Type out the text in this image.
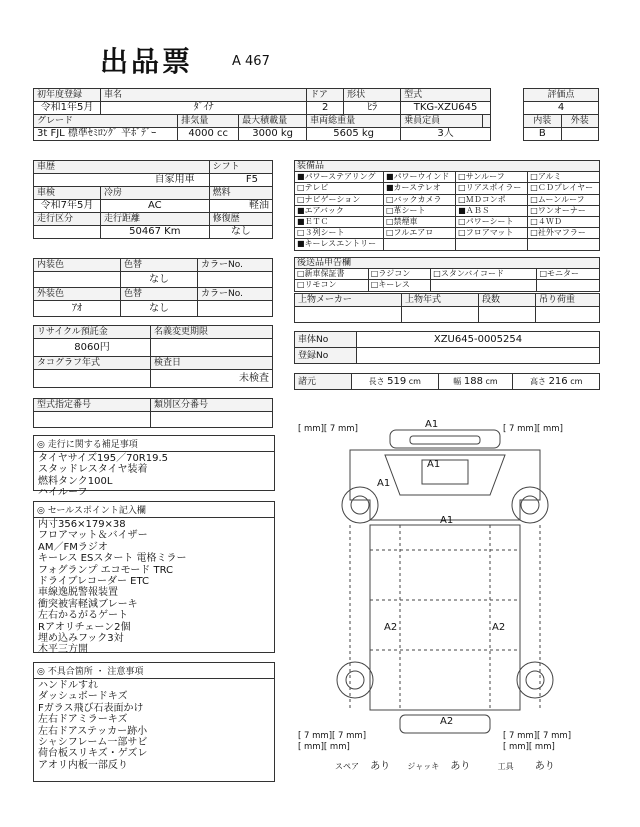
出品票	A 467
初年度登録	車名			ドア	形状	型式	
令和1年5月	ﾀﾞｲﾅ			2	ﾋﾗ	TKG-XZU645	
グレード		排気量	最大積載量	車両総重量		乗員定員	
3t FJL 標準ｾﾐﾛﾝｸﾞ 平ﾎﾞﾃﾞｰ		4000 cc	3000 kg	5605 kg		3人	
評価点	
4	
内装	外装
B	
車歴		シフト
自家用車		F5
車検	冷房	燃料
令和7年5月	AC	軽油
走行区分	走行距離	修復歴
	50467 Km	なし
内装色	色替	カラーNo.
	なし	
外装色	色替	カラーNo.
ｱｵ	なし	
リサイクル預託金	名義変更期限
8060円	
タコグラフ年式	検査日
	未検査
型式指定番号	類別区分番号

装備品			
■パワーステアリング	■パワーウインド	□サンルーフ	□アルミ
□テレビ	■カーステレオ	□リアスポイラー	□ＣＤプレイヤー
□ナビゲーション	□バックカメラ	□ＭＤコンポ	□ムーンルーフ
■エアバック	□革シート	■ＡＢＳ	□ワンオーナー
■ＥＴＣ	□禁煙車	□パワーシート	□４ＷＤ
□３列シート	□フルエアロ	□フロアマット	□社外マフラー
■キーレスエントリー			
後送品申告欄			
□新車保証書	□ラジコン	□スタンバイコード	□モニター
□リモコン	□キーレス		
上物メーカー	上物年式	段数	吊り荷重

車体No	XZU645-0005254
登録No	
諸元	長さ 519 cm	幅 188 cm	高さ 216 cm
◎ 走行に関する補足事項
タイヤサイズ195／70R19.5
スタッドレスタイヤ装着
燃料タンク100L
ハイルーフ
◎ セールスポイント記入欄
内寸356×179×38
フロアマット＆バイザー
AM／FMラジオ
キーレス ESスタート 電格ミラー
フォグランプ エコモード TRC
ドライブレコーダー ETC
車線逸脱警報装置
衝突被害軽減ブレーキ
左右かるがるゲート
Rアオリチェーン2個
埋め込みフック3対
木平三方開
◎ 不具合箇所 ・ 注意事項
ハンドルすれ
ダッシュボードキズ
Fガラス飛び石表面かけ
左右ドアミラーキズ
左右ドアステッカー跡小
シャシフレーム一部サビ
荷台板スリキズ・ゲズレ
アオリ内板一部反り
[ mm][ 7 mm]	[ 7 mm][ mm]
A1
A1
A1
A1
A2	A2
A2
[ 7 mm][ 7 mm]
[ mm][ mm]
[ 7 mm][ 7 mm]
[ mm][ mm]
スペア あり ジャッキ あり	工具 あり
